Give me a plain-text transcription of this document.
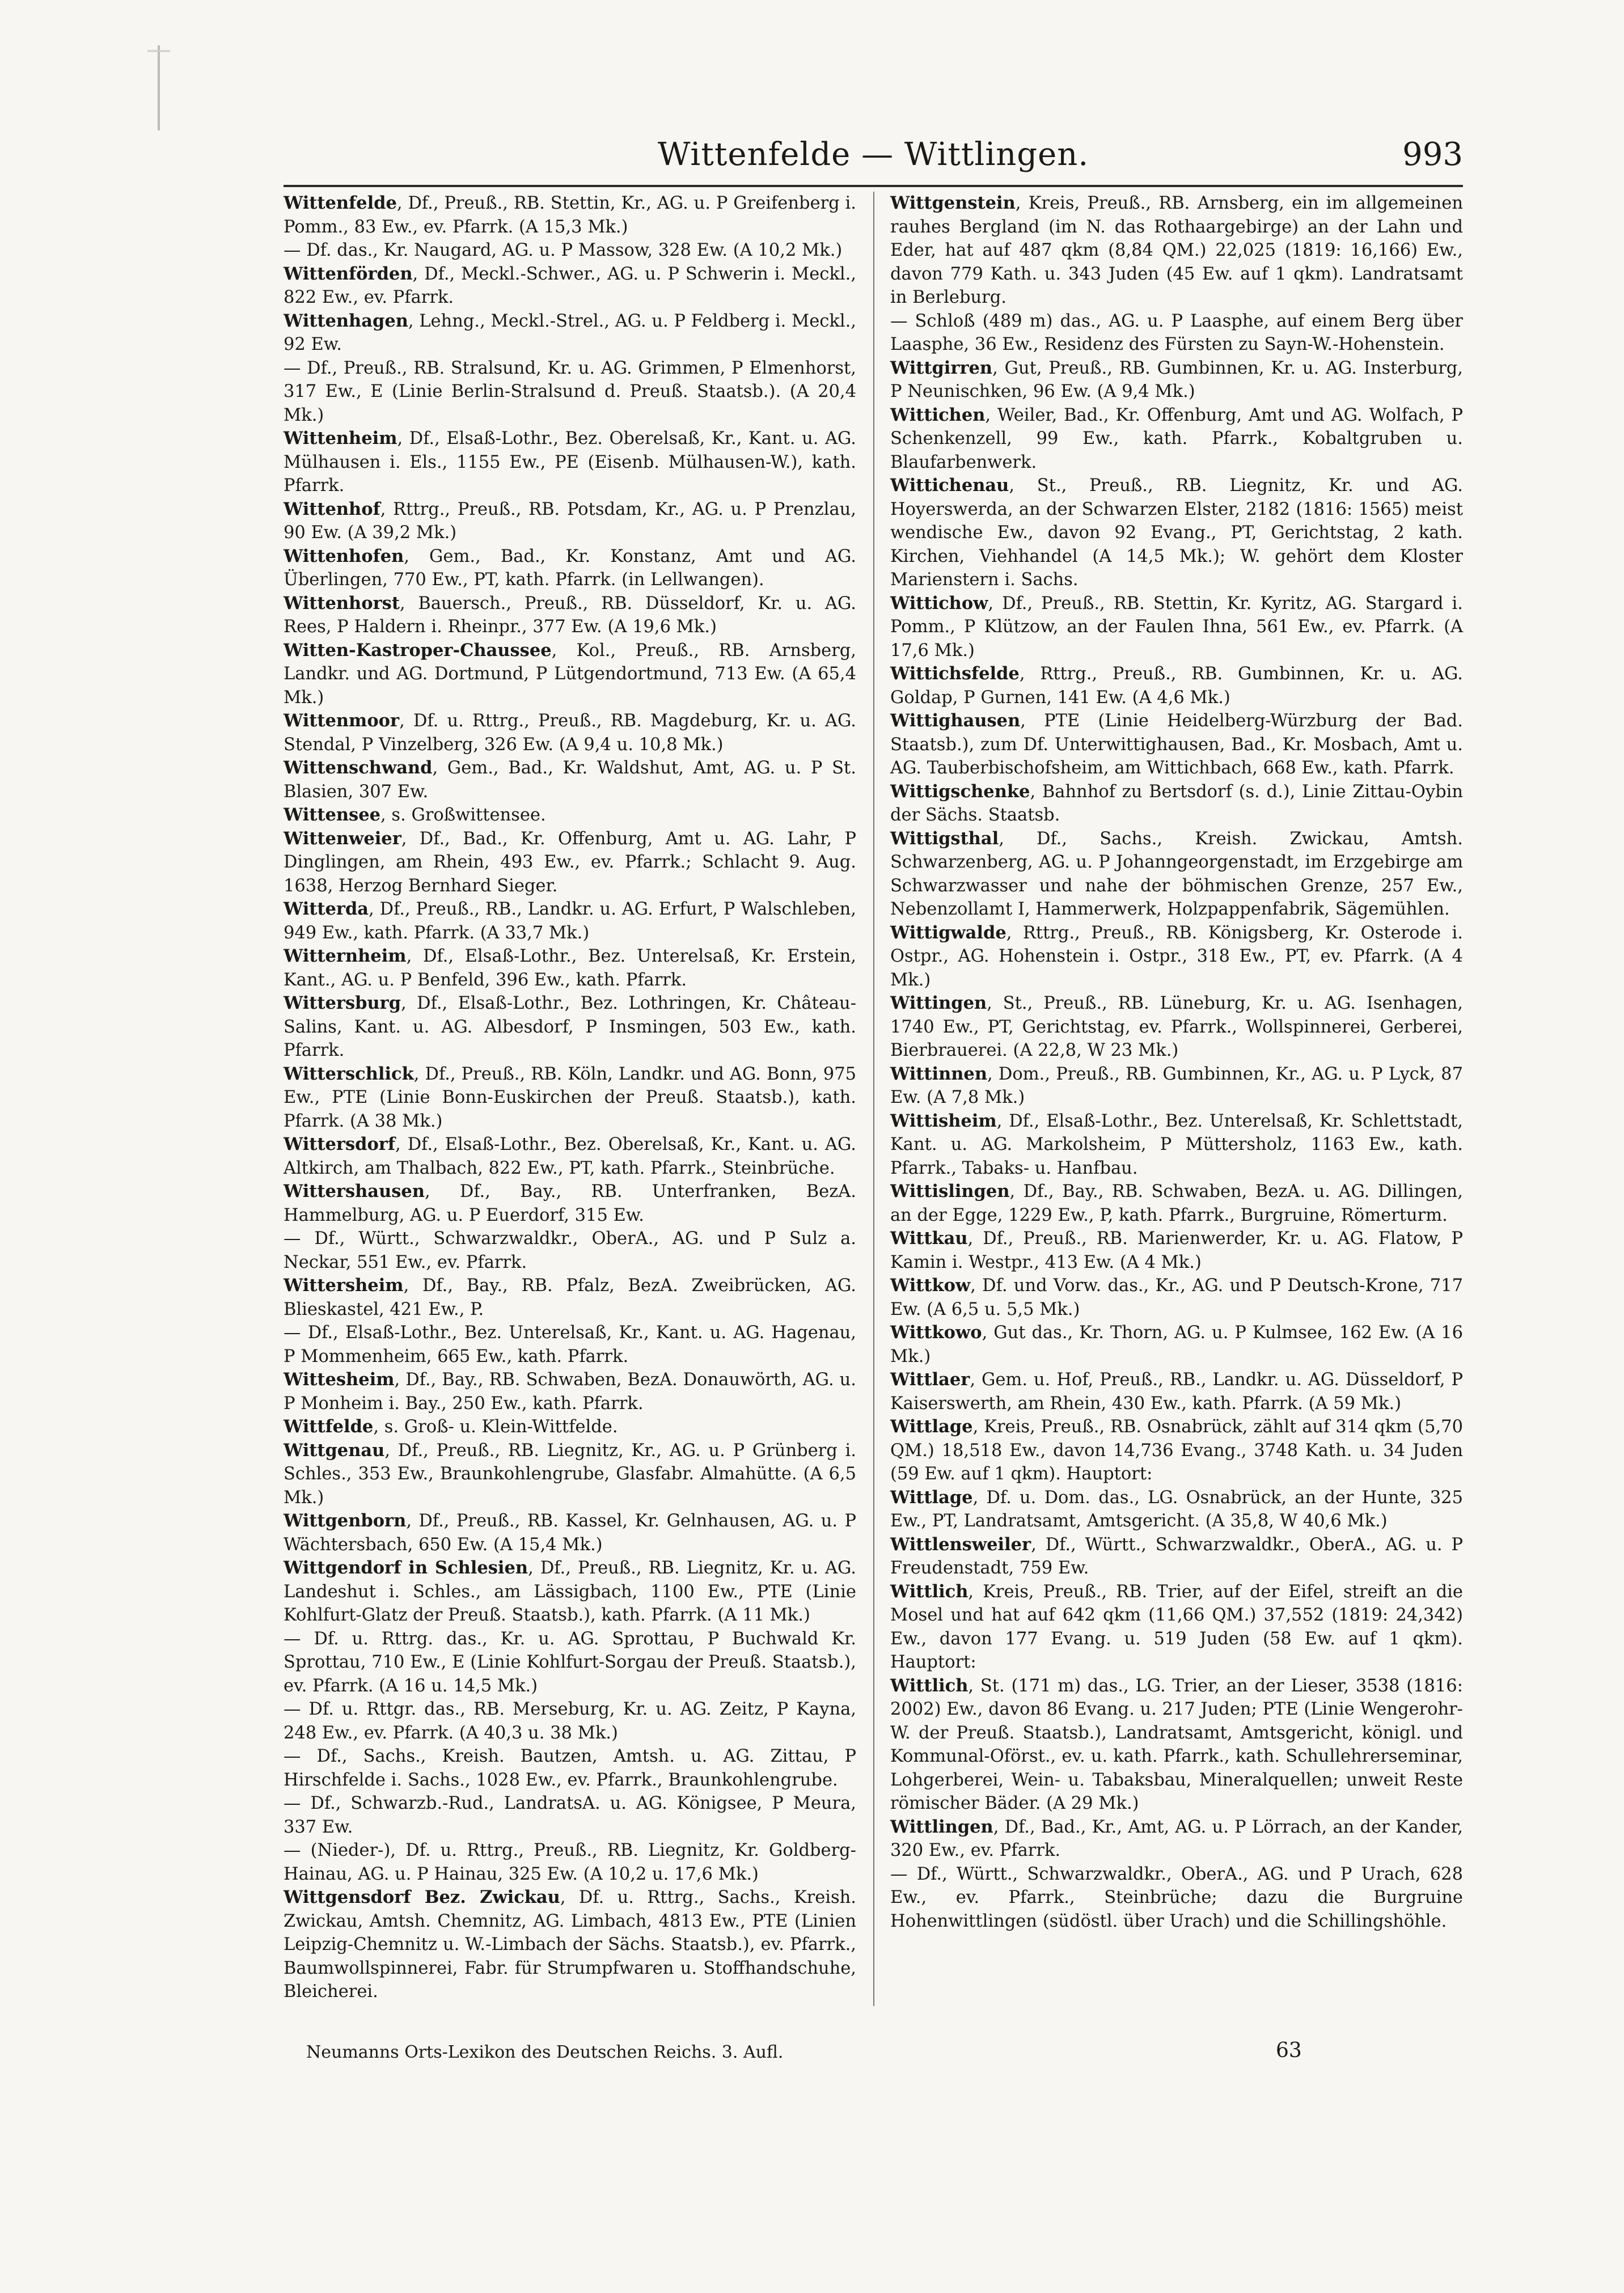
Wittenfelde — Wittlingen.	993

Wittenfelde, Df., Preuß., RB. Stettin, Kr., AG. u. P Greifenberg i. Pomm., 83 Ew., ev. Pfarrk. (A 15,3 Mk.)

— Df. das., Kr. Naugard, AG. u. P Massow, 328 Ew. (A 10,2 Mk.)

Wittenförden, Df., Meckl.-Schwer., AG. u. P Schwerin i. Meckl., 822 Ew., ev. Pfarrk.

Wittenhagen, Lehng., Meckl.-Strel., AG. u. P Feldberg i. Meckl., 92 Ew.

— Df., Preuß., RB. Stralsund, Kr. u. AG. Grimmen, P Elmenhorst, 317 Ew., E (Linie Berlin-Stralsund d. Preuß. Staatsb.). (A 20,4 Mk.)

Wittenheim, Df., Elsaß-Lothr., Bez. Oberelsaß, Kr., Kant. u. AG. Mülhausen i. Els., 1155 Ew., PE (Eisenb. Mülhausen-W.), kath. Pfarrk.

Wittenhof, Rttrg., Preuß., RB. Potsdam, Kr., AG. u. P Prenzlau, 90 Ew. (A 39,2 Mk.)

Wittenhofen, Gem., Bad., Kr. Konstanz, Amt und AG. Überlingen, 770 Ew., PT, kath. Pfarrk. (in Lellwangen).

Wittenhorst, Bauersch., Preuß., RB. Düsseldorf, Kr. u. AG. Rees, P Haldern i. Rheinpr., 377 Ew. (A 19,6 Mk.)

Witten-Kastroper-Chaussee, Kol., Preuß., RB. Arnsberg, Landkr. und AG. Dortmund, P Lütgendortmund, 713 Ew. (A 65,4 Mk.)

Wittenmoor, Df. u. Rttrg., Preuß., RB. Magdeburg, Kr. u. AG. Stendal, P Vinzelberg, 326 Ew. (A 9,4 u. 10,8 Mk.)

Wittenschwand, Gem., Bad., Kr. Waldshut, Amt, AG. u. P St. Blasien, 307 Ew.

Wittensee, s. Großwittensee.

Wittenweier, Df., Bad., Kr. Offenburg, Amt u. AG. Lahr, P Dinglingen, am Rhein, 493 Ew., ev. Pfarrk.; Schlacht 9. Aug. 1638, Herzog Bernhard Sieger.

Witterda, Df., Preuß., RB., Landkr. u. AG. Erfurt, P Walschleben, 949 Ew., kath. Pfarrk. (A 33,7 Mk.)

Witternheim, Df., Elsaß-Lothr., Bez. Unterelsaß, Kr. Erstein, Kant., AG. u. P Benfeld, 396 Ew., kath. Pfarrk.

Wittersburg, Df., Elsaß-Lothr., Bez. Lothringen, Kr. Château-Salins, Kant. u. AG. Albesdorf, P Insmingen, 503 Ew., kath. Pfarrk.

Witterschlick, Df., Preuß., RB. Köln, Landkr. und AG. Bonn, 975 Ew., PTE (Linie Bonn-Euskirchen der Preuß. Staatsb.), kath. Pfarrk. (A 38 Mk.)

Wittersdorf, Df., Elsaß-Lothr., Bez. Oberelsaß, Kr., Kant. u. AG. Altkirch, am Thalbach, 822 Ew., PT, kath. Pfarrk., Steinbrüche.

Wittershausen, Df., Bay., RB. Unterfranken, BezA. Hammelburg, AG. u. P Euerdorf, 315 Ew.

— Df., Württ., Schwarzwaldkr., OberA., AG. und P Sulz a. Neckar, 551 Ew., ev. Pfarrk.

Wittersheim, Df., Bay., RB. Pfalz, BezA. Zweibrücken, AG. Blieskastel, 421 Ew., P.

— Df., Elsaß-Lothr., Bez. Unterelsaß, Kr., Kant. u. AG. Hagenau, P Mommenheim, 665 Ew., kath. Pfarrk.

Wittesheim, Df., Bay., RB. Schwaben, BezA. Donauwörth, AG. u. P Monheim i. Bay., 250 Ew., kath. Pfarrk.

Wittfelde, s. Groß- u. Klein-Wittfelde.

Wittgenau, Df., Preuß., RB. Liegnitz, Kr., AG. u. P Grünberg i. Schles., 353 Ew., Braunkohlengrube, Glasfabr. Almahütte. (A 6,5 Mk.)

Wittgenborn, Df., Preuß., RB. Kassel, Kr. Gelnhausen, AG. u. P Wächtersbach, 650 Ew. (A 15,4 Mk.)

Wittgendorf in Schlesien, Df., Preuß., RB. Liegnitz, Kr. u. AG. Landeshut i. Schles., am Lässigbach, 1100 Ew., PTE (Linie Kohlfurt-Glatz der Preuß. Staatsb.), kath. Pfarrk. (A 11 Mk.)

— Df. u. Rttrg. das., Kr. u. AG. Sprottau, P Buchwald Kr. Sprottau, 710 Ew., E (Linie Kohlfurt-Sorgau der Preuß. Staatsb.), ev. Pfarrk. (A 16 u. 14,5 Mk.)

— Df. u. Rttgr. das., RB. Merseburg, Kr. u. AG. Zeitz, P Kayna, 248 Ew., ev. Pfarrk. (A 40,3 u. 38 Mk.)

— Df., Sachs., Kreish. Bautzen, Amtsh. u. AG. Zittau, P Hirschfelde i. Sachs., 1028 Ew., ev. Pfarrk., Braunkohlengrube.

— Df., Schwarzb.-Rud., LandratsA. u. AG. Königsee, P Meura, 337 Ew.

— (Nieder-), Df. u. Rttrg., Preuß., RB. Liegnitz, Kr. Goldberg-Hainau, AG. u. P Hainau, 325 Ew. (A 10,2 u. 17,6 Mk.)

Wittgensdorf Bez. Zwickau, Df. u. Rttrg., Sachs., Kreish. Zwickau, Amtsh. Chemnitz, AG. Limbach, 4813 Ew., PTE (Linien Leipzig-Chemnitz u. W.-Limbach der Sächs. Staatsb.), ev. Pfarrk., Baumwollspinnerei, Fabr. für Strumpfwaren u. Stoffhandschuhe, Bleicherei.

Wittgenstein, Kreis, Preuß., RB. Arnsberg, ein im allgemeinen rauhes Bergland (im N. das Rothaargebirge) an der Lahn und Eder, hat auf 487 qkm (8,84 QM.) 22,025 (1819: 16,166) Ew., davon 779 Kath. u. 343 Juden (45 Ew. auf 1 qkm). Landratsamt in Berleburg.

— Schloß (489 m) das., AG. u. P Laasphe, auf einem Berg über Laasphe, 36 Ew., Residenz des Fürsten zu Sayn-W.-Hohenstein.

Wittgirren, Gut, Preuß., RB. Gumbinnen, Kr. u. AG. Insterburg, P Neunischken, 96 Ew. (A 9,4 Mk.)

Wittichen, Weiler, Bad., Kr. Offenburg, Amt und AG. Wolfach, P Schenkenzell, 99 Ew., kath. Pfarrk., Kobaltgruben u. Blaufarbenwerk.

Wittichenau, St., Preuß., RB. Liegnitz, Kr. und AG. Hoyerswerda, an der Schwarzen Elster, 2182 (1816: 1565) meist wendische Ew., davon 92 Evang., PT, Gerichtstag, 2 kath. Kirchen, Viehhandel (A 14,5 Mk.); W. gehört dem Kloster Marienstern i. Sachs.

Wittichow, Df., Preuß., RB. Stettin, Kr. Kyritz, AG. Stargard i. Pomm., P Klützow, an der Faulen Ihna, 561 Ew., ev. Pfarrk. (A 17,6 Mk.)

Wittichsfelde, Rttrg., Preuß., RB. Gumbinnen, Kr. u. AG. Goldap, P Gurnen, 141 Ew. (A 4,6 Mk.)

Wittighausen, PTE (Linie Heidelberg-Würzburg der Bad. Staatsb.), zum Df. Unterwittighausen, Bad., Kr. Mosbach, Amt u. AG. Tauberbischofsheim, am Wittichbach, 668 Ew., kath. Pfarrk.

Wittigschenke, Bahnhof zu Bertsdorf (s. d.), Linie Zittau-Oybin der Sächs. Staatsb.

Wittigsthal, Df., Sachs., Kreish. Zwickau, Amtsh. Schwarzenberg, AG. u. P Johanngeorgenstadt, im Erzgebirge am Schwarzwasser und nahe der böhmischen Grenze, 257 Ew., Nebenzollamt I, Hammerwerk, Holzpappenfabrik, Sägemühlen.

Wittigwalde, Rttrg., Preuß., RB. Königsberg, Kr. Osterode i. Ostpr., AG. Hohenstein i. Ostpr., 318 Ew., PT, ev. Pfarrk. (A 4 Mk.)

Wittingen, St., Preuß., RB. Lüneburg, Kr. u. AG. Isenhagen, 1740 Ew., PT, Gerichtstag, ev. Pfarrk., Wollspinnerei, Gerberei, Bierbrauerei. (A 22,8, W 23 Mk.)

Wittinnen, Dom., Preuß., RB. Gumbinnen, Kr., AG. u. P Lyck, 87 Ew. (A 7,8 Mk.)

Wittisheim, Df., Elsaß-Lothr., Bez. Unterelsaß, Kr. Schlettstadt, Kant. u. AG. Markolsheim, P Müttersholz, 1163 Ew., kath. Pfarrk., Tabaks- u. Hanfbau.

Wittislingen, Df., Bay., RB. Schwaben, BezA. u. AG. Dillingen, an der Egge, 1229 Ew., P, kath. Pfarrk., Burgruine, Römerturm.

Wittkau, Df., Preuß., RB. Marienwerder, Kr. u. AG. Flatow, P Kamin i. Westpr., 413 Ew. (A 4 Mk.)

Wittkow, Df. und Vorw. das., Kr., AG. und P Deutsch-Krone, 717 Ew. (A 6,5 u. 5,5 Mk.)

Wittkowo, Gut das., Kr. Thorn, AG. u. P Kulmsee, 162 Ew. (A 16 Mk.)

Wittlaer, Gem. u. Hof, Preuß., RB., Landkr. u. AG. Düsseldorf, P Kaiserswerth, am Rhein, 430 Ew., kath. Pfarrk. (A 59 Mk.)

Wittlage, Kreis, Preuß., RB. Osnabrück, zählt auf 314 qkm (5,70 QM.) 18,518 Ew., davon 14,736 Evang., 3748 Kath. u. 34 Juden (59 Ew. auf 1 qkm). Hauptort:

Wittlage, Df. u. Dom. das., LG. Osnabrück, an der Hunte, 325 Ew., PT, Landratsamt, Amtsgericht. (A 35,8, W 40,6 Mk.)

Wittlensweiler, Df., Württ., Schwarzwaldkr., OberA., AG. u. P Freudenstadt, 759 Ew.

Wittlich, Kreis, Preuß., RB. Trier, auf der Eifel, streift an die Mosel und hat auf 642 qkm (11,66 QM.) 37,552 (1819: 24,342) Ew., davon 177 Evang. u. 519 Juden (58 Ew. auf 1 qkm). Hauptort:

Wittlich, St. (171 m) das., LG. Trier, an der Lieser, 3538 (1816: 2002) Ew., davon 86 Evang. u. 217 Juden; PTE (Linie Wengerohr-W. der Preuß. Staatsb.), Landratsamt, Amtsgericht, königl. und Kommunal-Oförst., ev. u. kath. Pfarrk., kath. Schullehrerseminar, Lohgerberei, Wein- u. Tabaksbau, Mineralquellen; unweit Reste römischer Bäder. (A 29 Mk.)

Wittlingen, Df., Bad., Kr., Amt, AG. u. P Lörrach, an der Kander, 320 Ew., ev. Pfarrk.

— Df., Württ., Schwarzwaldkr., OberA., AG. und P Urach, 628 Ew., ev. Pfarrk., Steinbrüche; dazu die Burgruine Hohenwittlingen (südöstl. über Urach) und die Schillingshöhle.

Neumanns Orts-Lexikon des Deutschen Reichs. 3. Aufl.	63
